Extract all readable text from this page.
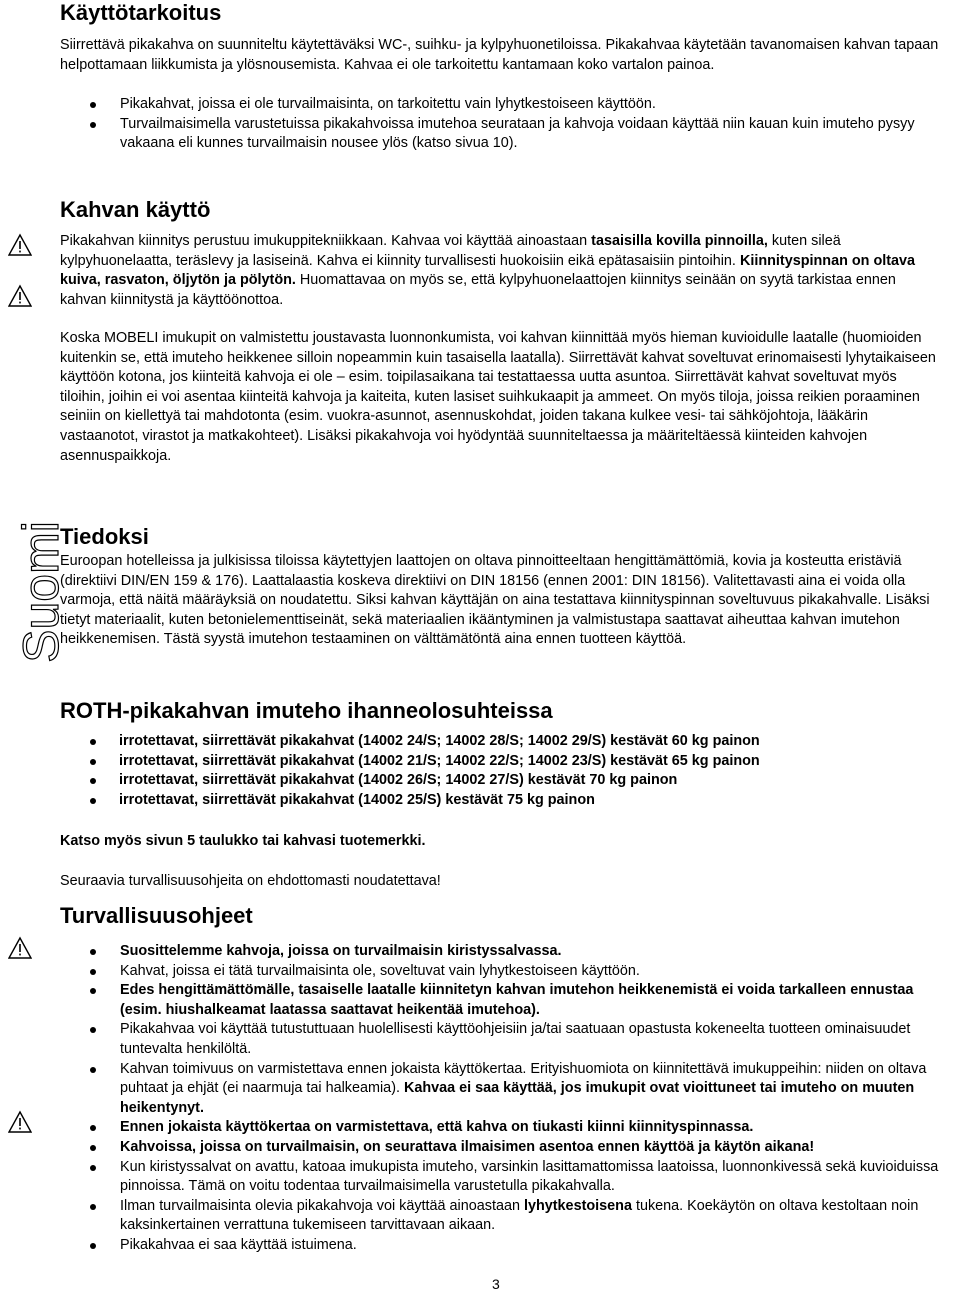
Käyttötarkoitus

Siirrettävä pikakahva on suunniteltu käytettäväksi WC-, suihku- ja kylpyhuonetiloissa. Pikakahvaa käytetään tavanomaisen kahvan tapaan helpottamaan liikkumista ja ylösnousemista. Kahvaa ei ole tarkoitettu kantamaan koko vartalon painoa.

Pikakahvat, joissa ei ole turvailmaisinta, on tarkoitettu vain lyhytkestoiseen käyttöön.
Turvailmaisimella varustetuissa pikakahvoissa imutehoa seurataan ja kahvoja voidaan käyttää niin kauan kuin imuteho pysyy vakaana eli kunnes turvailmaisin nousee ylös (katso sivua 10).
Kahvan käyttö

Pikakahvan kiinnitys perustuu imukuppitekniikkaan. Kahvaa voi käyttää ainoastaan tasaisilla kovilla pinnoilla, kuten sileä kylpyhuonelaatta, teräslevy ja lasiseinä. Kahva ei kiinnity turvallisesti huokoisiin eikä epätasaisiin pintoihin. Kiinnityspinnan on oltava kuiva, rasvaton, öljytön ja pölytön. Huomattavaa on myös se, että kylpyhuonelaattojen kiinnitys seinään on syytä tarkistaa ennen kahvan kiinnitystä ja käyttöönottoa.

Koska MOBELI imukupit on valmistettu joustavasta luonnonkumista, voi kahvan kiinnittää myös hieman kuvioidulle laatalle (huomioiden kuitenkin se, että imuteho heikkenee silloin nopeammin kuin tasaisella laatalla). Siirrettävät kahvat soveltuvat erinomaisesti lyhytaikaiseen käyttöön kotona, jos kiinteitä kahvoja ei ole – esim. toipilasaikana tai testattaessa uutta asuntoa. Siirrettävät kahvat soveltuvat myös tiloihin, joihin ei voi asentaa kiinteitä kahvoja ja kaiteita, kuten lasiset suihkukaapit ja ammeet. On myös tiloja, joissa reikien poraaminen seiniin on kiellettyä tai mahdotonta (esim. vuokra-asunnot, asennuskohdat, joiden takana kulkee vesi- tai sähköjohtoja, lääkärin vastaanotot, virastot ja matkakohteet). Lisäksi pikakahvoja voi hyödyntää suunniteltaessa ja määriteltäessä kiinteiden kahvojen asennuspaikkoja.

Suomi
Tiedoksi

Euroopan hotelleissa ja julkisissa tiloissa käytettyjen laattojen on oltava pinnoitteeltaan hengittämättömiä, kovia ja kosteutta eristäviä (direktiivi DIN/EN 159 & 176). Laattalaastia koskeva direktiivi on DIN 18156 (ennen 2001: DIN 18156). Valitettavasti aina ei voida olla varmoja, että näitä määräyksiä on noudatettu. Siksi kahvan käyttäjän on aina testattava kiinnityspinnan soveltuvuus pikakahvalle. Lisäksi tietyt materiaalit, kuten betonielementtiseinät, sekä materiaalien ikääntyminen ja valmistustapa saattavat aiheuttaa kahvan imutehon heikkenemisen. Tästä syystä imutehon testaaminen on välttämätöntä aina ennen tuotteen käyttöä.

ROTH-pikakahvan imuteho ihanneolosuhteissa
irrotettavat, siirrettävät pikakahvat (14002 24/S; 14002 28/S; 14002 29/S) kestävät 60 kg painon
irrotettavat, siirrettävät pikakahvat (14002 21/S; 14002 22/S; 14002 23/S) kestävät 65 kg painon
irrotettavat, siirrettävät pikakahvat (14002 26/S; 14002 27/S) kestävät 70 kg painon
irrotettavat, siirrettävät pikakahvat (14002 25/S) kestävät 75 kg painon

Katso myös sivun 5 taulukko tai kahvasi tuotemerkki.

Seuraavia turvallisuusohjeita on ehdottomasti noudatettava!

Turvallisuusohjeet
Suosittelemme kahvoja, joissa on turvailmaisin kiristyssalvassa.
Kahvat, joissa ei tätä turvailmaisinta ole, soveltuvat vain lyhytkestoiseen käyttöön.
Edes hengittämättömälle, tasaiselle laatalle kiinnitetyn kahvan imutehon heikkenemistä ei voida tarkalleen ennustaa (esim. hiushalkeamat laatassa saattavat heikentää imutehoa).
Pikakahvaa voi käyttää tutustuttuaan huolellisesti käyttöohjeisiin ja/tai saatuaan opastusta kokeneelta tuotteen ominaisuudet tuntevalta henkilöltä.
Kahvan toimivuus on varmistettava ennen jokaista käyttökertaa. Erityishuomiota on kiinnitettävä imukuppeihin: niiden on oltava puhtaat ja ehjät (ei naarmuja tai halkeamia). Kahvaa ei saa käyttää, jos imukupit ovat vioittuneet tai imuteho on muuten heikentynyt.
Ennen jokaista käyttökertaa on varmistettava, että kahva on tiukasti kiinni kiinnityspinnassa.
Kahvoissa, joissa on turvailmaisin, on seurattava ilmaisimen asentoa ennen käyttöä ja käytön aikana!
Kun kiristyssalvat on avattu, katoaa imukupista imuteho, varsinkin lasittamattomissa laatoissa, luonnonkivessä sekä kuvioiduissa pinnoissa. Tämä on voitu todentaa turvailmaisimella varustetulla pikakahvalla.
Ilman turvailmaisinta olevia pikakahvoja voi käyttää ainoastaan lyhytkestoisena tukena. Koekäytön on oltava kestoltaan noin kaksinkertainen verrattuna tukemiseen tarvittavaan aikaan.
Pikakahvaa ei saa käyttää istuimena.
3
